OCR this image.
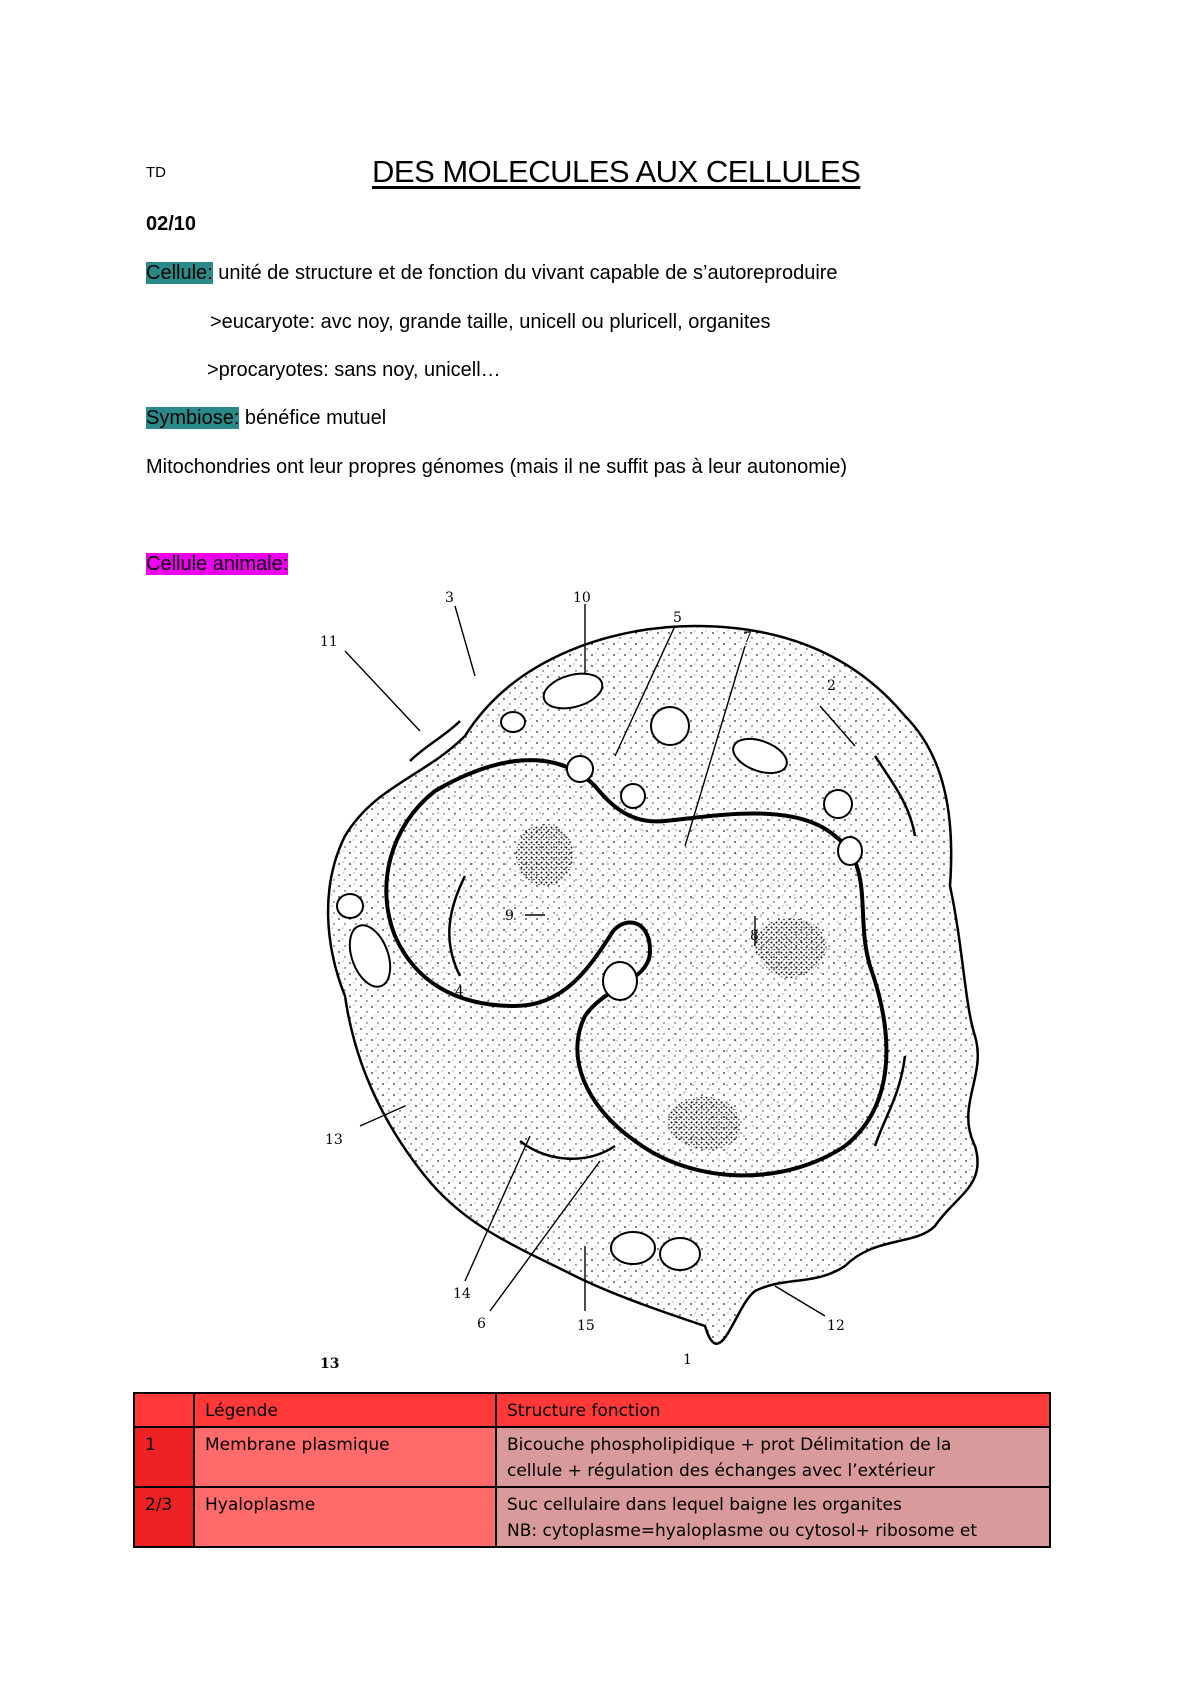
TD	DES MOLECULES AUX CELLULES
02/10
Cellule: unité de structure et de fonction du vivant capable de s’autoreproduire
>eucaryote: avc noy, grande taille, unicell ou pluricell, organites
>procaryotes: sans noy, unicell…
Symbiose: bénéfice mutuel
Mitochondries ont leur propres génomes (mais il ne suffit pas à leur autonomie)
Cellule animale:
3	10
5
7
2
11
9
8
4
13
14
6	15	12
1
13
	Légende	Structure fonction
1	Membrane plasmique	Bicouche phospholipidique + prot Délimitation de la
cellule + régulation des échanges avec l’extérieur

2/3	Hyaloplasme	Suc cellulaire dans lequel baigne les organites
NB: cytoplasme=hyaloplasme ou cytosol+ ribosome et
